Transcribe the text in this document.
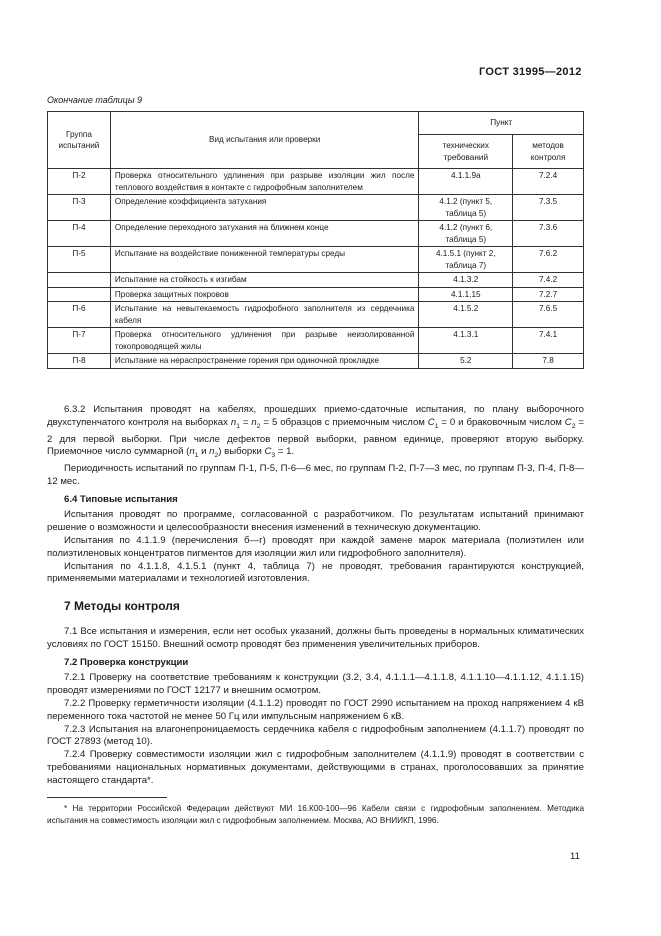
ГОСТ 31995—2012
Окончание таблицы 9
Группа испытаний	Вид испытания или проверки	Пункт	
		технических требований	методов контроля
П-2	Проверка относительного удлинения при разрыве изоляции жил после теплового воздействия в контакте с гидрофобным заполнителем	4.1.1.9а	7.2.4
П-3	Определение коэффициента затухания	4.1.2 (пункт 5, таблица 5)	7.3.5
П-4	Определение переходного затухания на ближнем конце	4.1.2 (пункт 6, таблица 5)	7.3.6
П-5	Испытание на воздействие пониженной температуры среды	4.1.5.1 (пункт 2, таблица 7)	7.6.2
	Испытание на стойкость к изгибам	4.1.3.2	7.4.2
	Проверка защитных покровов	4.1.1.15	7.2.7
П-6	Испытание на невытекаемость гидрофобного заполнителя из сердечника кабеля	4.1.5.2	7.6.5
П-7	Проверка относительного удлинения при разрыве неизолированной токопроводящей жилы	4.1.3.1	7.4.1
П-8	Испытание на нераспространение горения при одиночной прокладке	5.2	7.8

6.3.2 Испытания проводят на кабелях, прошедших приемо-сдаточные испытания, по плану выборочного двухступенчатого контроля на выборках $n_1 = n_2 = 5$ образцов с приемочным числом $C_1 = 0$ и браковочным числом $C_2 = 2$ для первой выборки. При числе дефектов первой выборки, равном единице, проверяют вторую выборку. Приемочное число суммарной ($n_1$ и $n_2$) выборки $C_3 = 1$.

Периодичность испытаний по группам П-1, П-5, П-6—6 мес, по группам П-2, П-7—3 мес, по группам П-3, П-4, П-8—12 мес.

6.4 Типовые испытания

Испытания проводят по программе, согласованной с разработчиком. По результатам испытаний принимают решение о возможности и целесообразности внесения изменений в техническую документацию.

Испытания по 4.1.1.9 (перечисления б—г) проводят при каждой замене марок материала (полиэтилен или полиэтиленовых концентратов пигментов для изоляции жил или гидрофобного заполнителя).

Испытания по 4.1.1.8, 4.1.5.1 (пункт 4, таблица 7) не проводят, требования гарантируются конструкцией, применяемыми материалами и технологией изготовления.

7 Методы контроля

7.1 Все испытания и измерения, если нет особых указаний, должны быть проведены в нормальных климатических условиях по ГОСТ 15150. Внешний осмотр проводят без применения увеличительных приборов.

7.2 Проверка конструкции

7.2.1 Проверку на соответствие требованиям к конструкции (3.2, 3.4, 4.1.1.1—4.1.1.8, 4.1.1.10—4.1.1.12, 4.1.1.15) проводят измерениями по ГОСТ 12177 и внешним осмотром.

7.2.2 Проверку герметичности изоляции (4.1.1.2) проводят по ГОСТ 2990 испытанием на проход напряжением 4 кВ переменного тока частотой не менее 50 Гц или импульсным напряжением 6 кВ.

7.2.3 Испытания на влагонепроницаемость сердечника кабеля с гидрофобным заполнением (4.1.1.7) проводят по ГОСТ 27893 (метод 10).

7.2.4 Проверку совместимости изоляции жил с гидрофобным заполнителем (4.1.1.9) проводят в соответствии с требованиями национальных нормативных документами, действующими в странах, проголосовавших за принятие настоящего стандарта*.

* На территории Российской Федерации действуют МИ 16.К00-100—96 Кабели связи с гидрофобным заполнением. Методика испытания на совместимость изоляции жил с гидрофобным заполнением. Москва, АО ВНИИКП, 1996.

11
